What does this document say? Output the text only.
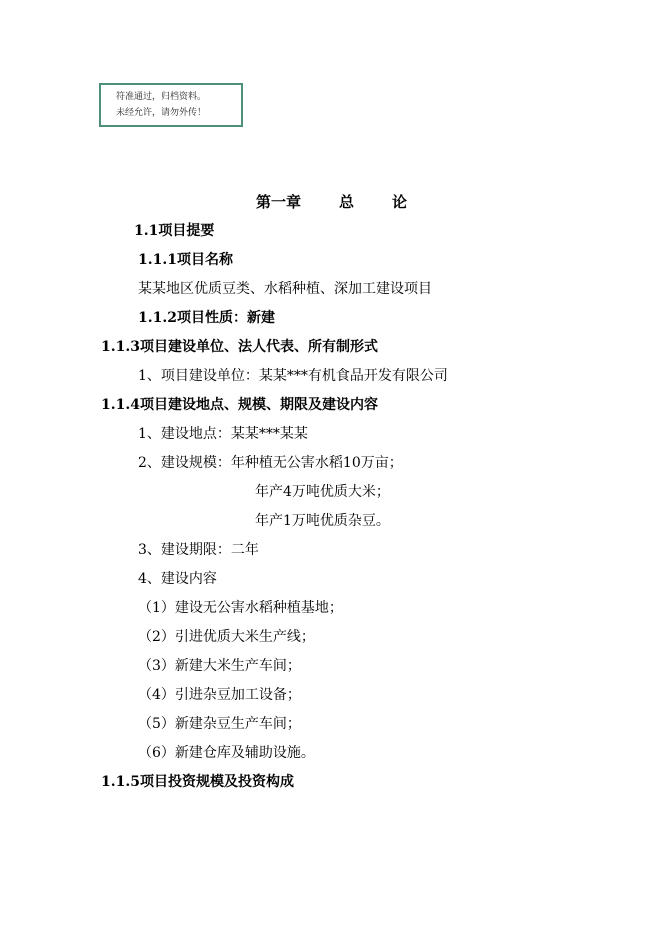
符准通过，归档资料。
未经允许，请勿外传！
第一章	总	论
1.1项目提要
1.1.1项目名称
某某地区优质豆类、水稻种植、深加工建设项目
1.1.2项目性质：新建
1.1.3项目建设单位、法人代表、所有制形式
1、项目建设单位：某某***有机食品开发有限公司
1.1.4项目建设地点、规模、期限及建设内容
1、建设地点：某某***某某
2、建设规模：年种植无公害水稻10万亩；
年产4万吨优质大米；
年产1万吨优质杂豆。
3、建设期限：二年
4、建设内容
（1）建设无公害水稻种植基地；
（2）引进优质大米生产线；
（3）新建大米生产车间；
（4）引进杂豆加工设备；
（5）新建杂豆生产车间；
（6）新建仓库及辅助设施。
1.1.5项目投资规模及投资构成
